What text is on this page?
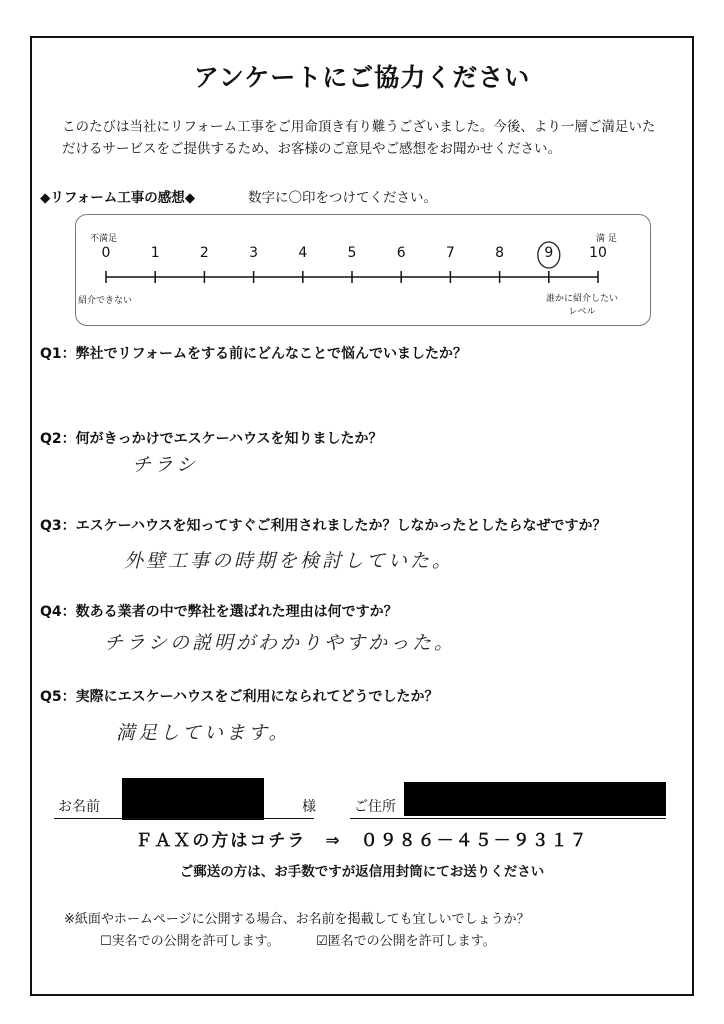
アンケートにご協力ください
このたびは当社にリフォーム工事をご用命頂き有り難うございました。今後、より一層ご満足いただけるサービスをご提供するため、お客様のご意見やご感想をお聞かせください。
◆リフォーム工事の感想◆	数字に〇印をつけてください。
不満足	満 足
0	1	2	3	4	5	6	7	8	9	10
紹介できない	誰かに紹介したい
レベル
Q1：弊社でリフォームをする前にどんなことで悩んでいましたか？
Q2：何がきっかけでエスケーハウスを知りましたか？
チラシ
Q3：エスケーハウスを知ってすぐご利用されましたか？しなかったとしたらなぜですか？
外壁工事の時期を検討していた。
Q4：数ある業者の中で弊社を選ばれた理由は何ですか？
チラシの説明がわかりやすかった。
Q5：実際にエスケーハウスをご利用になられてどうでしたか？
満足しています。
お名前	様	ご住所
ＦＡＸの方はコチラ　⇒　０９８６－４５－９３１７
ご郵送の方は、お手数ですが返信用封筒にてお送りください
※紙面やホームページに公開する場合、お名前を掲載しても宜しいでしょうか？
☐実名での公開を許可します。	☑匿名での公開を許可します。
